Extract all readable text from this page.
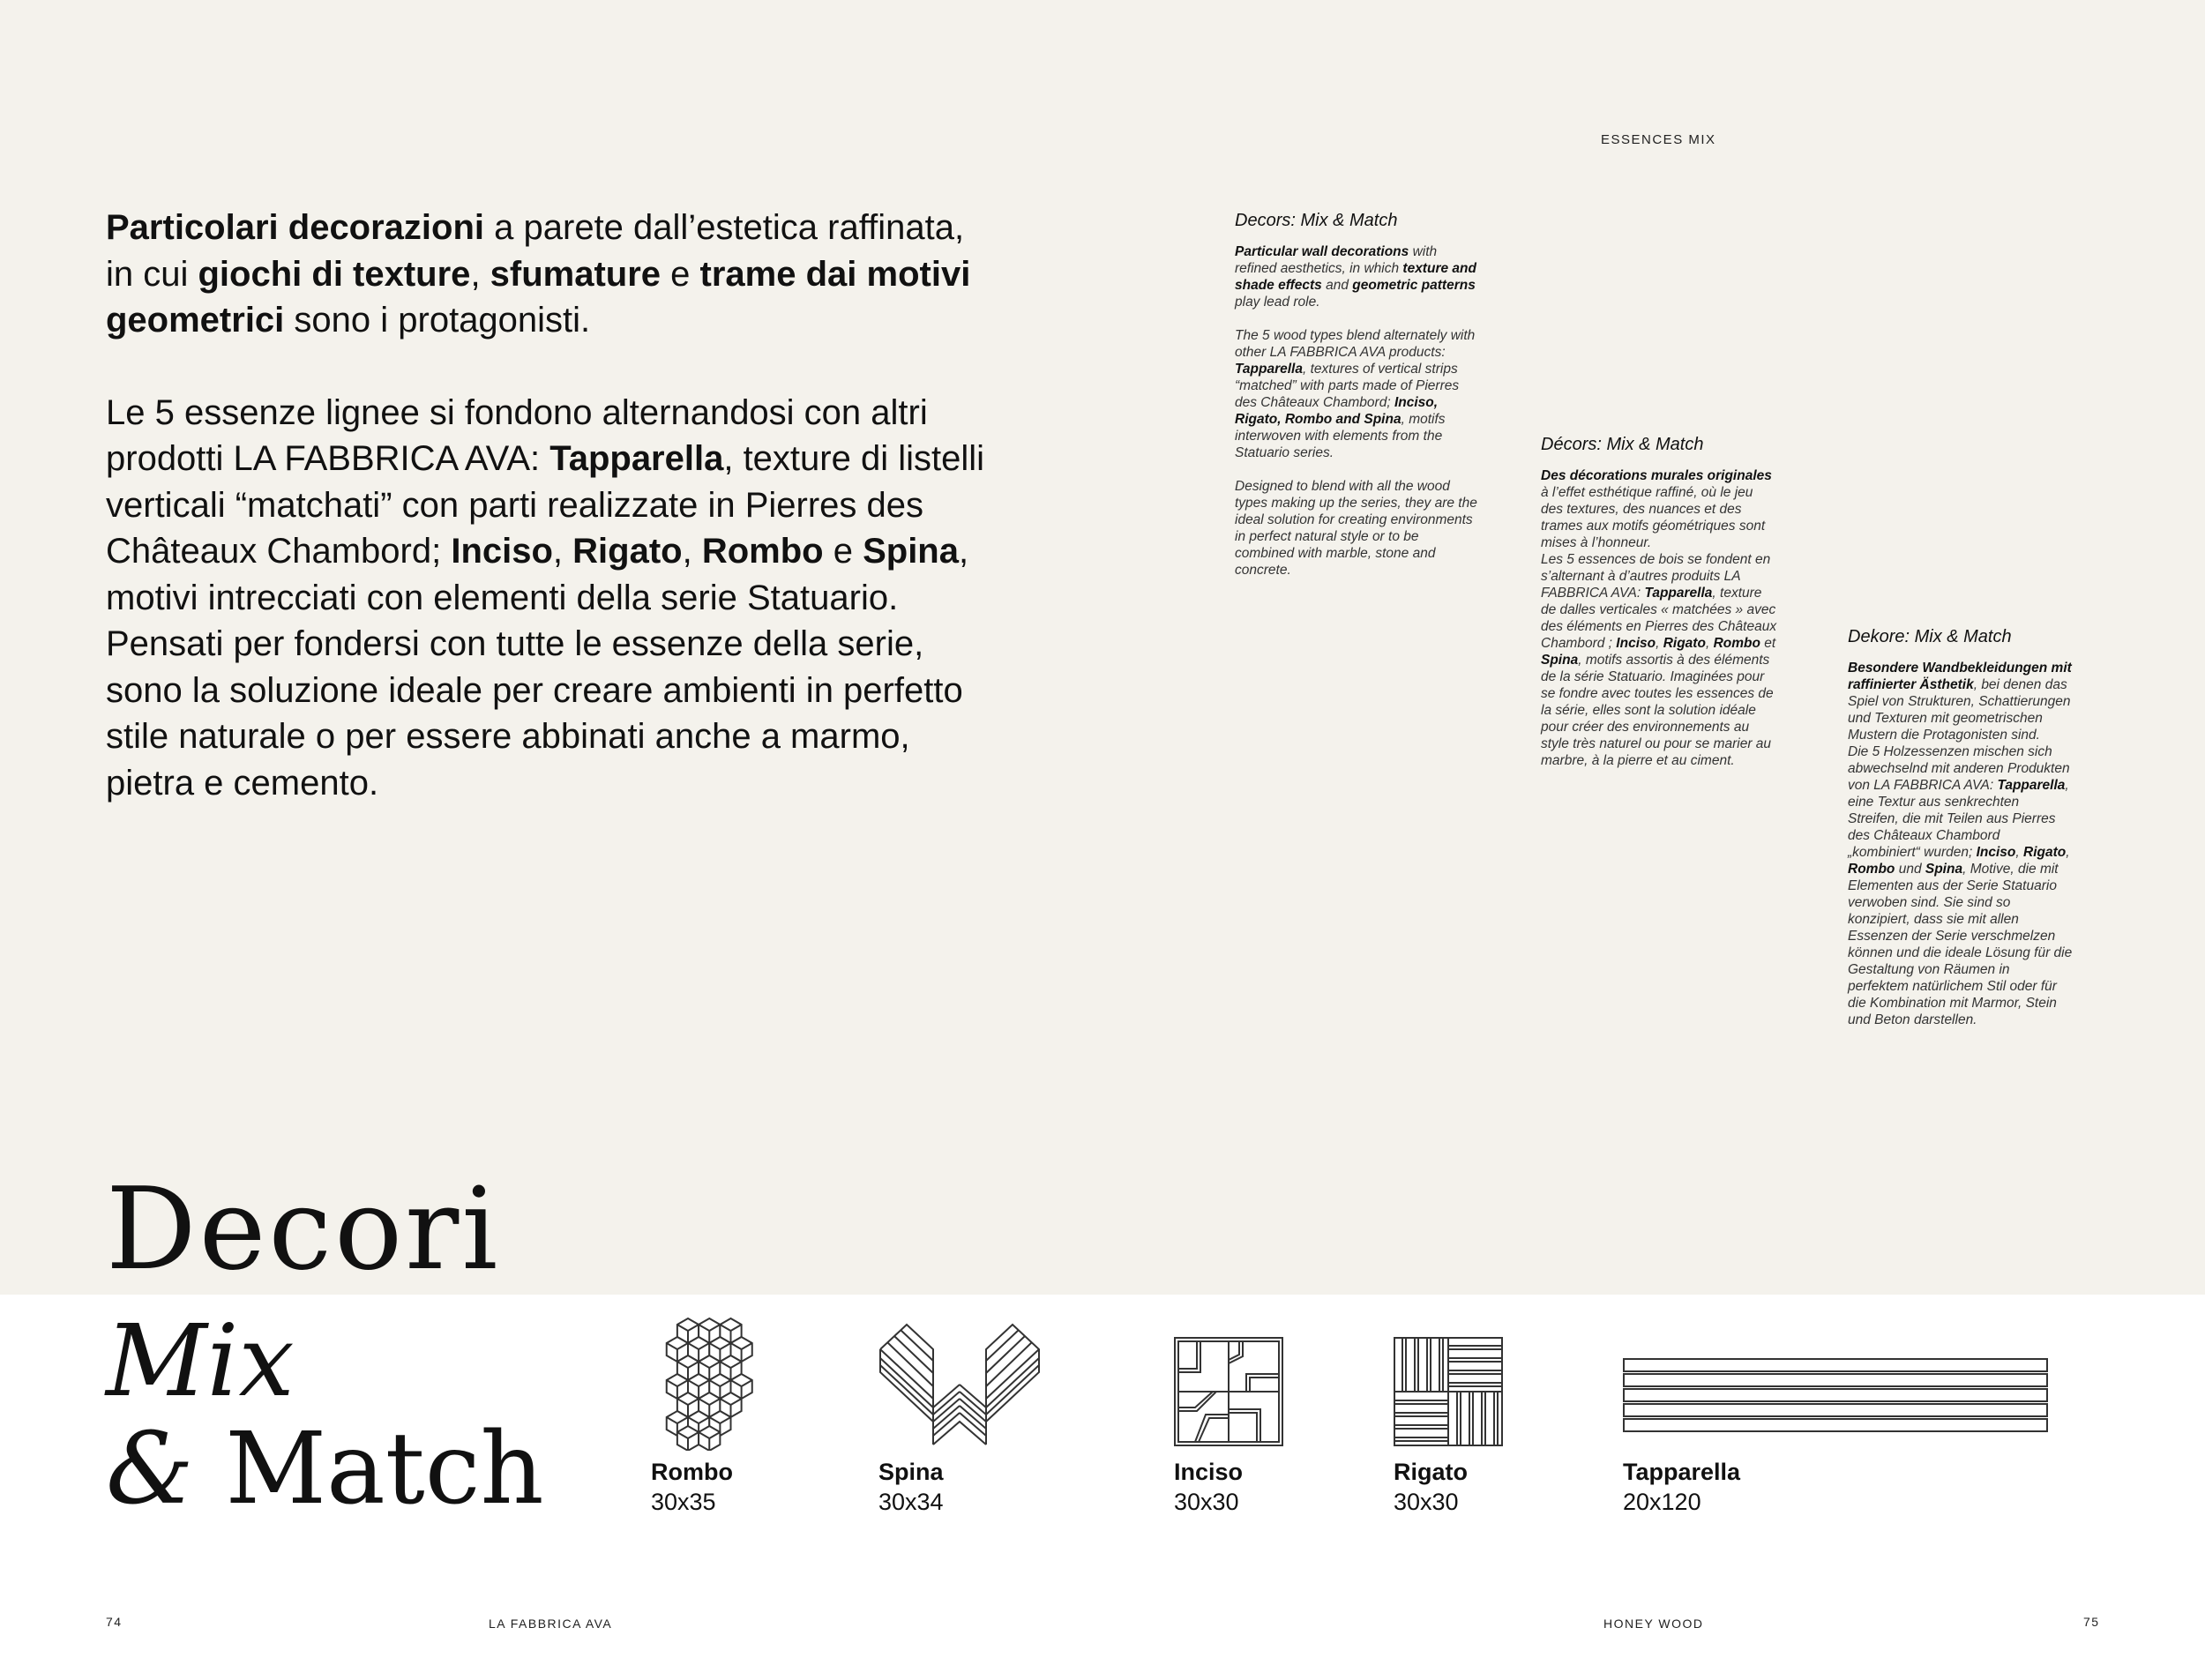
ESSENCES MIX

Particolari decorazioni a parete dall’estetica raffinata, in cui giochi di texture, sfumature e trame dai motivi geometrici sono i protagonisti.

Le 5 essenze lignee si fondono alternandosi con altri prodotti LA FABBRICA AVA: Tapparella, texture di listelli verticali “matchati” con parti realizzate in Pierres des Châteaux Chambord; Inciso, Rigato, Rombo e Spina, motivi intrecciati con elementi della serie Statuario. Pensati per fondersi con tutte le essenze della serie, sono la soluzione ideale per creare ambienti in perfetto stile naturale o per essere abbinati anche a marmo, pietra e cemento.

Decors: Mix & Match
Particular wall decorations with refined aesthetics, in which texture and shade effects and geometric patterns play lead role.
The 5 wood types blend alternately with other LA FABBRICA AVA products: Tapparella, textures of vertical strips “matched” with parts made of Pierres des Châteaux Chambord; Inciso, Rigato, Rombo and Spina, motifs interwoven with elements from the Statuario series.
Designed to blend with all the wood types making up the series, they are the ideal solution for creating environments in perfect natural style or to be combined with marble, stone and concrete.
Décors: Mix & Match
Des décorations murales originales à l’effet esthétique raffiné, où le jeu des textures, des nuances et des trames aux motifs géométriques sont mises à l’honneur.
Les 5 essences de bois se fondent en s’alternant à d’autres produits LA FABBRICA AVA: Tapparella, texture de dalles verticales « matchées » avec des éléments en Pierres des Châteaux Chambord ; Inciso, Rigato, Rombo et Spina, motifs assortis à des éléments de la série Statuario. Imaginées pour se fondre avec toutes les essences de la série, elles sont la solution idéale pour créer des environnements au style très naturel ou pour se marier au marbre, à la pierre et au ciment.
Dekore: Mix & Match
Besondere Wandbekleidungen mit raffinierter Ästhetik, bei denen das Spiel von Strukturen, Schattierungen und Texturen mit geometrischen Mustern die Protagonisten sind.
Die 5 Holzessenzen mischen sich abwechselnd mit anderen Produkten von LA FABBRICA AVA: Tapparella, eine Textur aus senkrechten Streifen, die mit Teilen aus Pierres des Châteaux Chambord „kombiniert“ wurden; Inciso, Rigato, Rombo und Spina, Motive, die mit Elementen aus der Serie Statuario verwoben sind. Sie sind so konzipiert, dass sie mit allen Essenzen der Serie verschmelzen können und die ideale Lösung für die Gestaltung von Räumen in perfektem natürlichem Stil oder für die Kombination mit Marmor, Stein und Beton darstellen.
Decori
Mix
& Match	Rombo
30x35
Spina
30x34
Inciso
30x30
Rigato
30x30
Tapparella
20x120
74	LA FABBRICA AVA	HONEY WOOD	75
